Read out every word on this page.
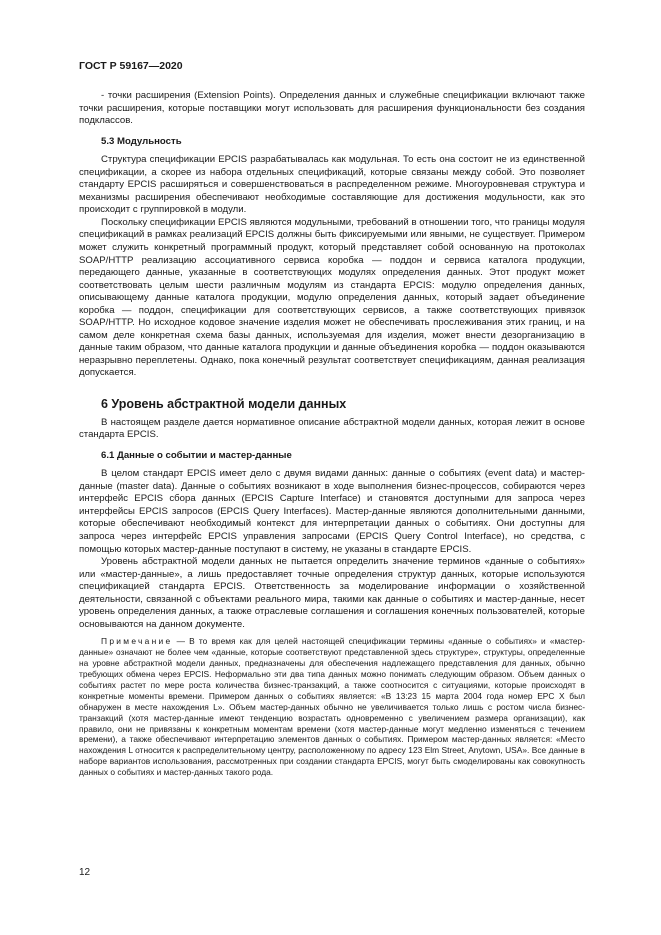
ГОСТ Р 59167—2020

- точки расширения (Extension Points). Определения данных и служебные спецификации включают также точки расширения, которые поставщики могут использовать для расширения функциональности без создания подклассов.

5.3 Модульность

Структура спецификации EPCIS разрабатывалась как модульная. То есть она состоит не из единственной спецификации, а скорее из набора отдельных спецификаций, которые связаны между собой. Это позволяет стандарту EPCIS расширяться и совершенствоваться в распределенном режиме. Многоуровневая структура и механизмы расширения обеспечивают необходимые составляющие для достижения модульности, как это происходит с группировкой в модули.

Поскольку спецификации EPCIS являются модульными, требований в отношении того, что границы модуля спецификаций в рамках реализаций EPCIS должны быть фиксируемыми или явными, не существует. Примером может служить конкретный программный продукт, который представляет собой основанную на протоколах SOAP/HTTP реализацию ассоциативного сервиса коробка — поддон и сервиса каталога продукции, передающего данные, указанные в соответствующих модулях определения данных. Этот продукт может соответствовать целым шести различным модулям из стандарта EPCIS: модулю определения данных, описывающему данные каталога продукции, модулю определения данных, который задает объединение коробка — поддон, спецификации для соответствующих сервисов, а также соответствующих привязок SOAP/HTTP. Но исходное кодовое значение изделия может не обеспечивать прослеживания этих границ, и на самом деле конкретная схема базы данных, используемая для изделия, может внести дезорганизацию в данные таким образом, что данные каталога продукции и данные объединения коробка — поддон оказываются неразрывно переплетены. Однако, пока конечный результат соответствует спецификациям, данная реализация допускается.

6 Уровень абстрактной модели данных

В настоящем разделе дается нормативное описание абстрактной модели данных, которая лежит в основе стандарта EPCIS.

6.1 Данные о событии и мастер-данные

В целом стандарт EPCIS имеет дело с двумя видами данных: данные о событиях (event data) и мастер-данные (master data). Данные о событиях возникают в ходе выполнения бизнес-процессов, собираются через интерфейс EPCIS сбора данных (EPCIS Capture Interface) и становятся доступными для запроса через интерфейсы EPCIS запросов (EPCIS Query Interfaces). Мастер-данные являются дополнительными данными, которые обеспечивают необходимый контекст для интерпретации данных о событиях. Они доступны для запроса через интерфейс EPCIS управления запросами (EPCIS Query Control Interface), но средства, с помощью которых мастер-данные поступают в систему, не указаны в стандарте EPCIS.

Уровень абстрактной модели данных не пытается определить значение терминов «данные о событиях» или «мастер-данные», а лишь предоставляет точные определения структур данных, которые используются спецификацией стандарта EPCIS. Ответственность за моделирование информации о хозяйственной деятельности, связанной с объектами реального мира, такими как данные о событиях и мастер-данные, несет уровень определения данных, а также отраслевые соглашения и соглашения конечных пользователей, которые основываются на данном документе.

Примечание — В то время как для целей настоящей спецификации термины «данные о событиях» и «мастер-данные» означают не более чем «данные, которые соответствуют представленной здесь структуре», структуры, определенные на уровне абстрактной модели данных, предназначены для обеспечения надлежащего представления для данных, обычно требующих обмена через EPCIS. Неформально эти два типа данных можно понимать следующим образом. Объем данных о событиях растет по мере роста количества бизнес-транзакций, а также соотносится с ситуациями, которые происходят в конкретные моменты времени. Примером данных о событиях является: «В 13:23 15 марта 2004 года номер EPC X был обнаружен в месте нахождения L». Объем мастер-данных обычно не увеличивается только лишь с ростом числа бизнес-транзакций (хотя мастер-данные имеют тенденцию возрастать одновременно с увеличением размера организации), как правило, они не привязаны к конкретным моментам времени (хотя мастер-данные могут медленно изменяться с течением времени), а также обеспечивают интерпретацию элементов данных о событиях. Примером мастер-данных является: «Место нахождения L относится к распределительному центру, расположенному по адресу 123 Elm Street, Anytown, USA». Все данные в наборе вариантов использования, рассмотренных при создании стандарта EPCIS, могут быть смоделированы как совокупность данных о событиях и мастер-данных такого рода.

12
